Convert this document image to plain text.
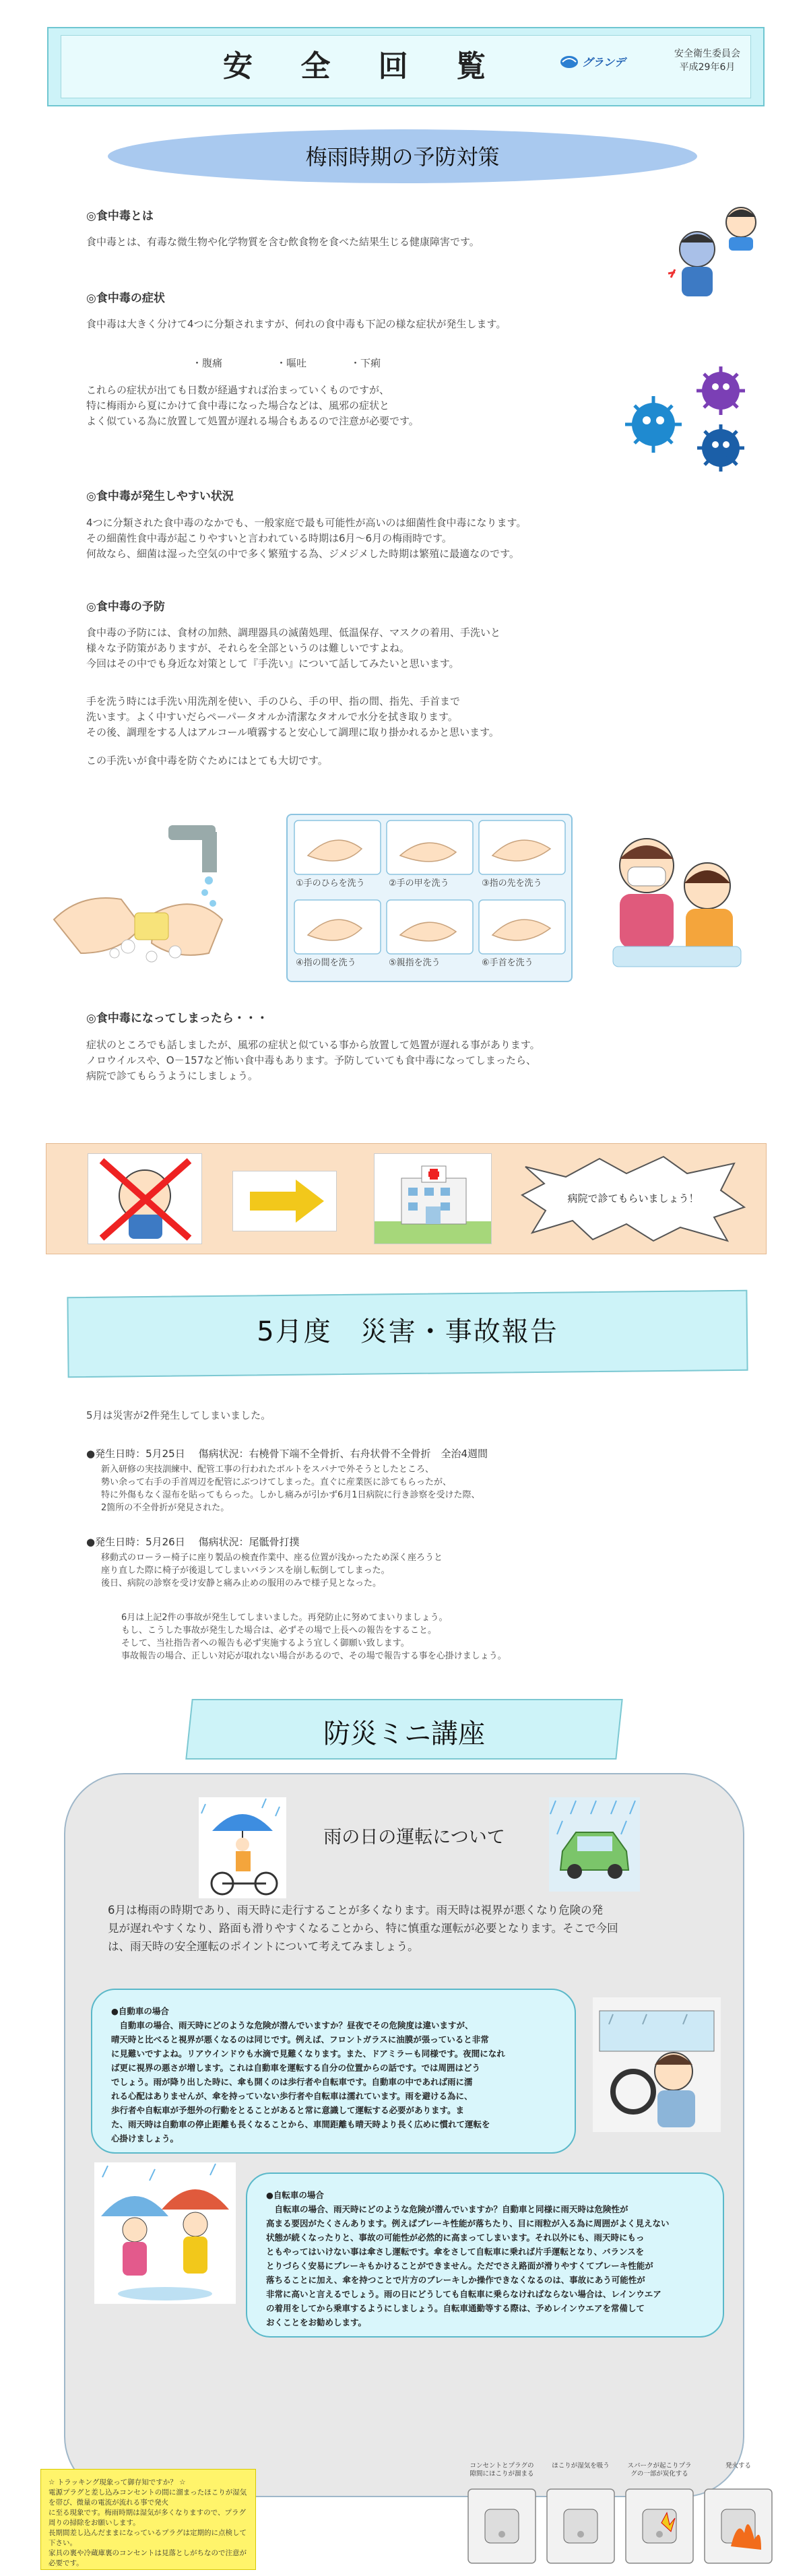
安 全 回 覧	グランデ
安全衛生委員会
平成29年6月
梅雨時期の予防対策
◎食中毒とは
食中毒とは、有毒な微生物や化学物質を含む飲食物を食べた結果生じる健康障害です。
◎食中毒の症状
食中毒は大きく分けて4つに分類されますが、何れの食中毒も下記の様な症状が発生します。
・腹痛	・嘔吐	・下痢
これらの症状が出ても日数が経過すれば治まっていくものですが、
特に梅雨から夏にかけて食中毒になった場合などは、風邪の症状と
よく似ている為に放置して処置が遅れる場合もあるので注意が必要です。
◎食中毒が発生しやすい状況
4つに分類された食中毒のなかでも、一般家庭で最も可能性が高いのは細菌性食中毒になります。
その細菌性食中毒が起こりやすいと言われている時期は6月～6月の梅雨時です。
何故なら、細菌は湿った空気の中で多く繁殖する為、ジメジメした時期は繁殖に最適なのです。
◎食中毒の予防
食中毒の予防には、食材の加熱、調理器具の滅菌処理、低温保存、マスクの着用、手洗いと
様々な予防策がありますが、それらを全部というのは難しいですよね。
今回はその中でも身近な対策として『手洗い』について話してみたいと思います。
手を洗う時には手洗い用洗剤を使い、手のひら、手の甲、指の間、指先、手首まで
洗います。よく中すいだらペーパータオルか清潔なタオルで水分を拭き取ります。
その後、調理をする人はアルコール噴霧すると安心して調理に取り掛かれるかと思います。
この手洗いが食中毒を防ぐためにはとても大切です。
①手のひらを洗う	②手の甲を洗う	③指の先を洗う
④指の間を洗う	⑤親指を洗う	⑥手首を洗う
◎食中毒になってしまったら・・・
症状のところでも話しましたが、風邪の症状と似ている事から放置して処置が遅れる事があります。
ノロウイルスや、O－157など怖い食中毒もあります。予防していても食中毒になってしまったら、
病院で診てもらうようにしましょう。
病院で診てもらいましょう！
5月度　災害・事故報告
5月は災害が2件発生してしまいました。
●発生日時：5月25日　 傷病状況：右橈骨下端不全骨折、右舟状骨不全骨折　全治4週間
新入研修の実技訓練中、配管工事の行われたボルトをスパナで外そうとしたところ、
勢い余って右手の手首周辺を配管にぶつけてしまった。直ぐに産業医に診てもらったが、
特に外傷もなく湿布を貼ってもらった。しかし痛みが引かず6月1日病院に行き診察を受けた際、
2箇所の不全骨折が発見された。
●発生日時：5月26日　 傷病状況：尾骶骨打撲
移動式のローラー椅子に座り製品の検査作業中、座る位置が浅かったため深く座ろうと
座り直した際に椅子が後退してしまいバランスを崩し転倒してしまった。
後日、病院の診察を受け安静と痛み止めの服用のみで様子見となった。
6月は上記2件の事故が発生してしまいました。再発防止に努めてまいりましょう。
もし、こうした事故が発生した場合は、必ずその場で上長への報告をすること。
そして、当社指告者への報告も必ず実施するよう宜しく御願い致します。
事故報告の場合、正しい対応が取れない場合があるので、その場で報告する事を心掛けましょう。
防災ミニ講座
雨の日の運転について
6月は梅雨の時期であり、雨天時に走行することが多くなります。雨天時は視界が悪くなり危険の発
見が遅れやすくなり、路面も滑りやすくなることから、特に慎重な運転が必要となります。そこで今回
は、雨天時の安全運転のポイントについて考えてみましょう。
●自動車の場合
　自動車の場合、雨天時にどのような危険が潜んでいますか？昼夜でその危険度は違いますが、
晴天時と比べると視界が悪くなるのは同じです。例えば、フロントガラスに油膜が張っていると非常
に見難いですよね。リアウインドウも水滴で見難くなります。また、ドアミラーも同様です。夜間になれ
ば更に視界の悪さが増します。これは自動車を運転する自分の位置からの話です。では周囲はどう
でしょう。雨が降り出した時に、傘も開くのは歩行者や自転車です。自動車の中であれば雨に濡
れる心配はありませんが、傘を持っていない歩行者や自転車は濡れています。雨を避ける為に、
歩行者や自転車が予想外の行動をとることがあると常に意識して運転する必要があります。ま
た、雨天時は自動車の停止距離も長くなることから、車間距離も晴天時より長く広めに慣れて運転を
心掛けましょう。
●自転車の場合
　自転車の場合、雨天時にどのような危険が潜んでいますか？自動車と同様に雨天時は危険性が
高まる要因がたくさんあります。例えばブレーキ性能が落ちたり、目に雨粒が入る為に周囲がよく見えない
状態が続くなったりと、事故の可能性が必然的に高まってしまいます。それ以外にも、雨天時にもっ
ともやってはいけない事は傘さし運転です。傘をさして自転車に乗れば片手運転となり、バランスを
とりづらく安易にブレーキもかけることができません。ただでさえ路面が滑りやすくてブレーキ性能が
落ちることに加え、傘を持つことで片方のブレーキしか操作できなくなるのは、事故にあう可能性が
非常に高いと言えるでしょう。雨の日にどうしても自転車に乗らなければならない場合は、レインウエア
の着用をしてから乗車するようにしましょう。自転車通勤等する際は、予めレインウエアを常備して
おくことをお勧めします。
☆ トラッキング現象って御存知ですか？ ☆
電源プラグと差し込みコンセントの間に溜まったほこりが湿気を帯び、微量の電流が流れる事で発火
に至る現象です。梅雨時期は湿気が多くなりますので、プラグ周りの掃除をお願いします。
長期間差し込んだままになっているプラグは定期的に点検して下さい。
家具の裏や冷蔵庫裏のコンセントは見落としがちなので注意が必要です。
コンセントとプラグの隙間にほこりが溜まる
ほこりが湿気を吸う	スパークが起こりプラグの一部が炭化する
発火する
